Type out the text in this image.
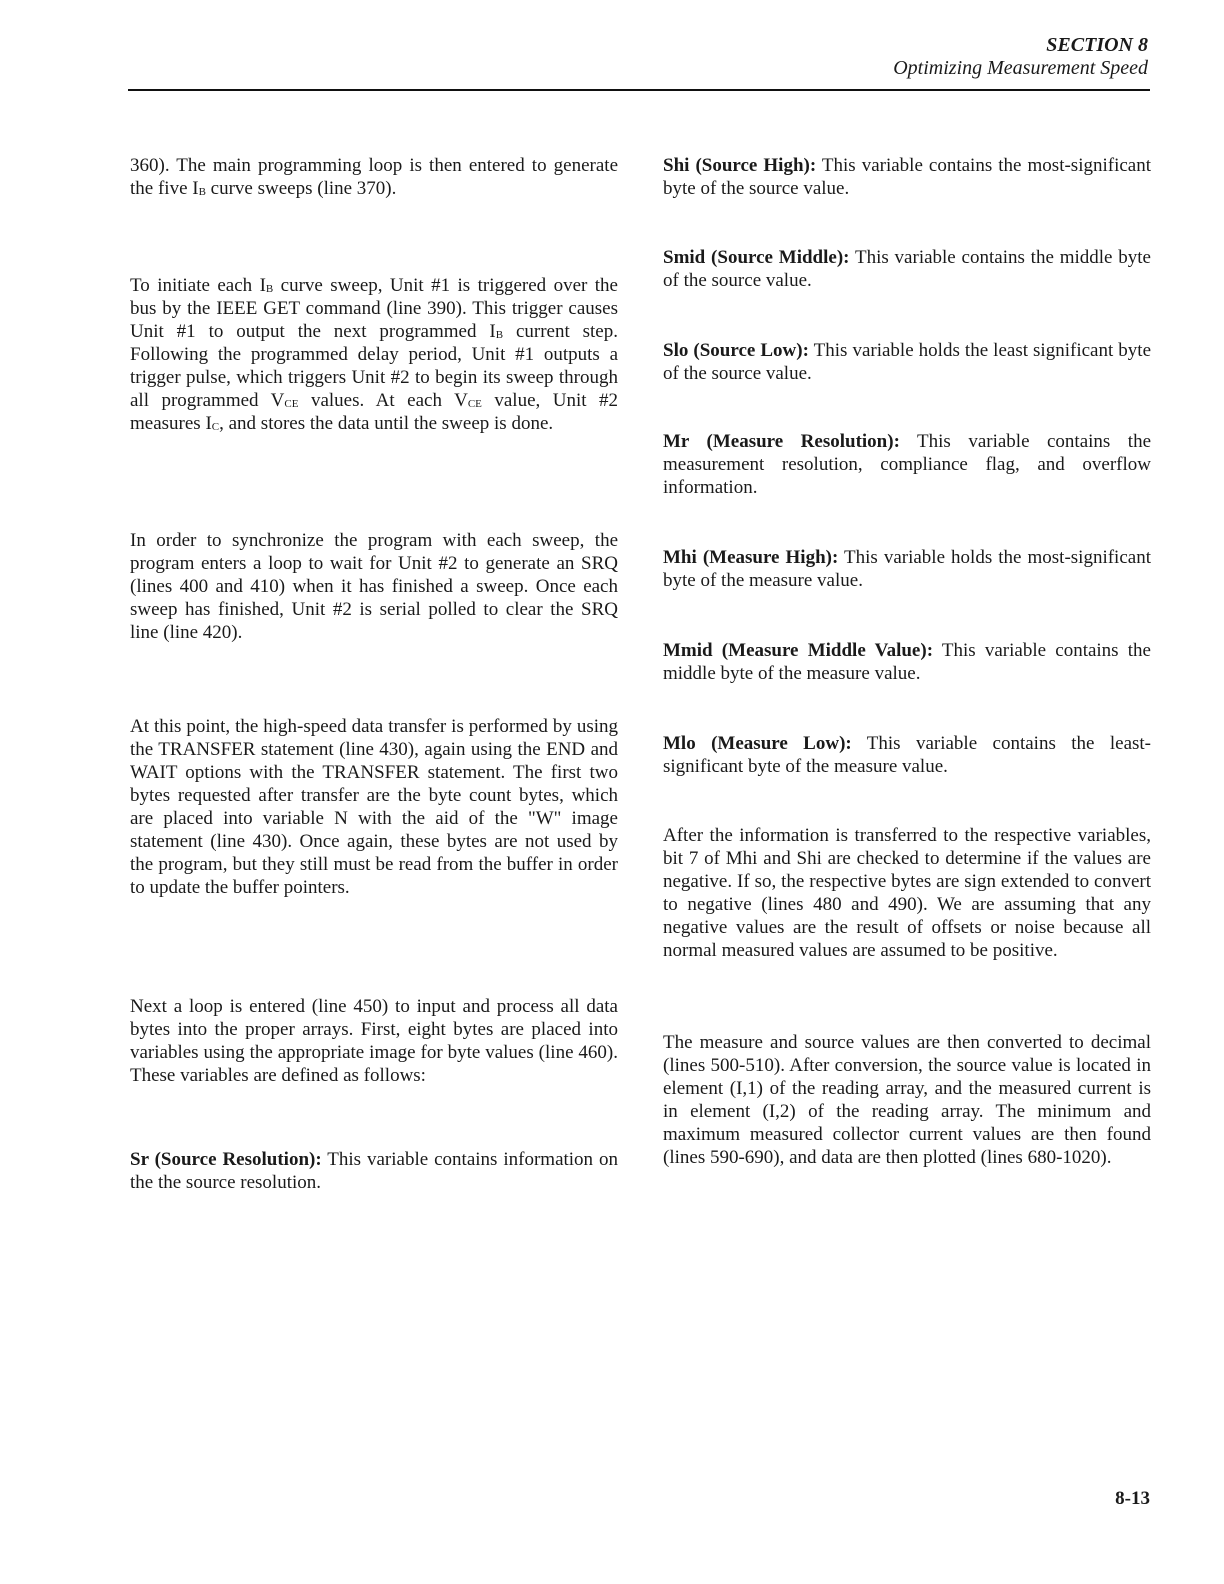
SECTION 8
Optimizing Measurement Speed

360). The main programming loop is then entered to generate the five $I_B$ curve sweeps (line 370).

To initiate each $I_B$ curve sweep, Unit #1 is triggered over the bus by the IEEE GET command (line 390). This trigger causes Unit #1 to output the next programmed $I_B$ current step. Following the programmed delay period, Unit #1 outputs a trigger pulse, which triggers Unit #2 to begin its sweep through all programmed $V_{CE}$ values. At each $V_{CE}$ value, Unit #2 measures $I_C$, and stores the data until the sweep is done.

In order to synchronize the program with each sweep, the program enters a loop to wait for Unit #2 to generate an SRQ (lines 400 and 410) when it has finished a sweep. Once each sweep has finished, Unit #2 is serial polled to clear the SRQ line (line 420).

At this point, the high-speed data transfer is performed by using the TRANSFER statement (line 430), again using the END and WAIT options with the TRANSFER statement. The first two bytes requested after transfer are the byte count bytes, which are placed into variable N with the aid of the "W" image statement (line 430). Once again, these bytes are not used by the program, but they still must be read from the buffer in order to update the buffer pointers.

Next a loop is entered (line 450) to input and process all data bytes into the proper arrays. First, eight bytes are placed into variables using the appropriate image for byte values (line 460). These variables are defined as follows:

Sr (Source Resolution): This variable contains information on the the source resolution.

Shi (Source High): This variable contains the most-significant byte of the source value.

Smid (Source Middle): This variable contains the middle byte of the source value.

Slo (Source Low): This variable holds the least significant byte of the source value.

Mr (Measure Resolution): This variable contains the measurement resolution, compliance flag, and overflow information.

Mhi (Measure High): This variable holds the most-significant byte of the measure value.

Mmid (Measure Middle Value): This variable contains the middle byte of the measure value.

Mlo (Measure Low): This variable contains the least-significant byte of the measure value.

After the information is transferred to the respective variables, bit 7 of Mhi and Shi are checked to determine if the values are negative. If so, the respective bytes are sign extended to convert to negative (lines 480 and 490). We are assuming that any negative values are the result of offsets or noise because all normal measured values are assumed to be positive.

The measure and source values are then converted to decimal (lines 500-510). After conversion, the source value is located in element (I,1) of the reading array, and the measured current is in element (I,2) of the reading array. The minimum and maximum measured collector current values are then found (lines 590-690), and data are then plotted (lines 680-1020).

8-13
